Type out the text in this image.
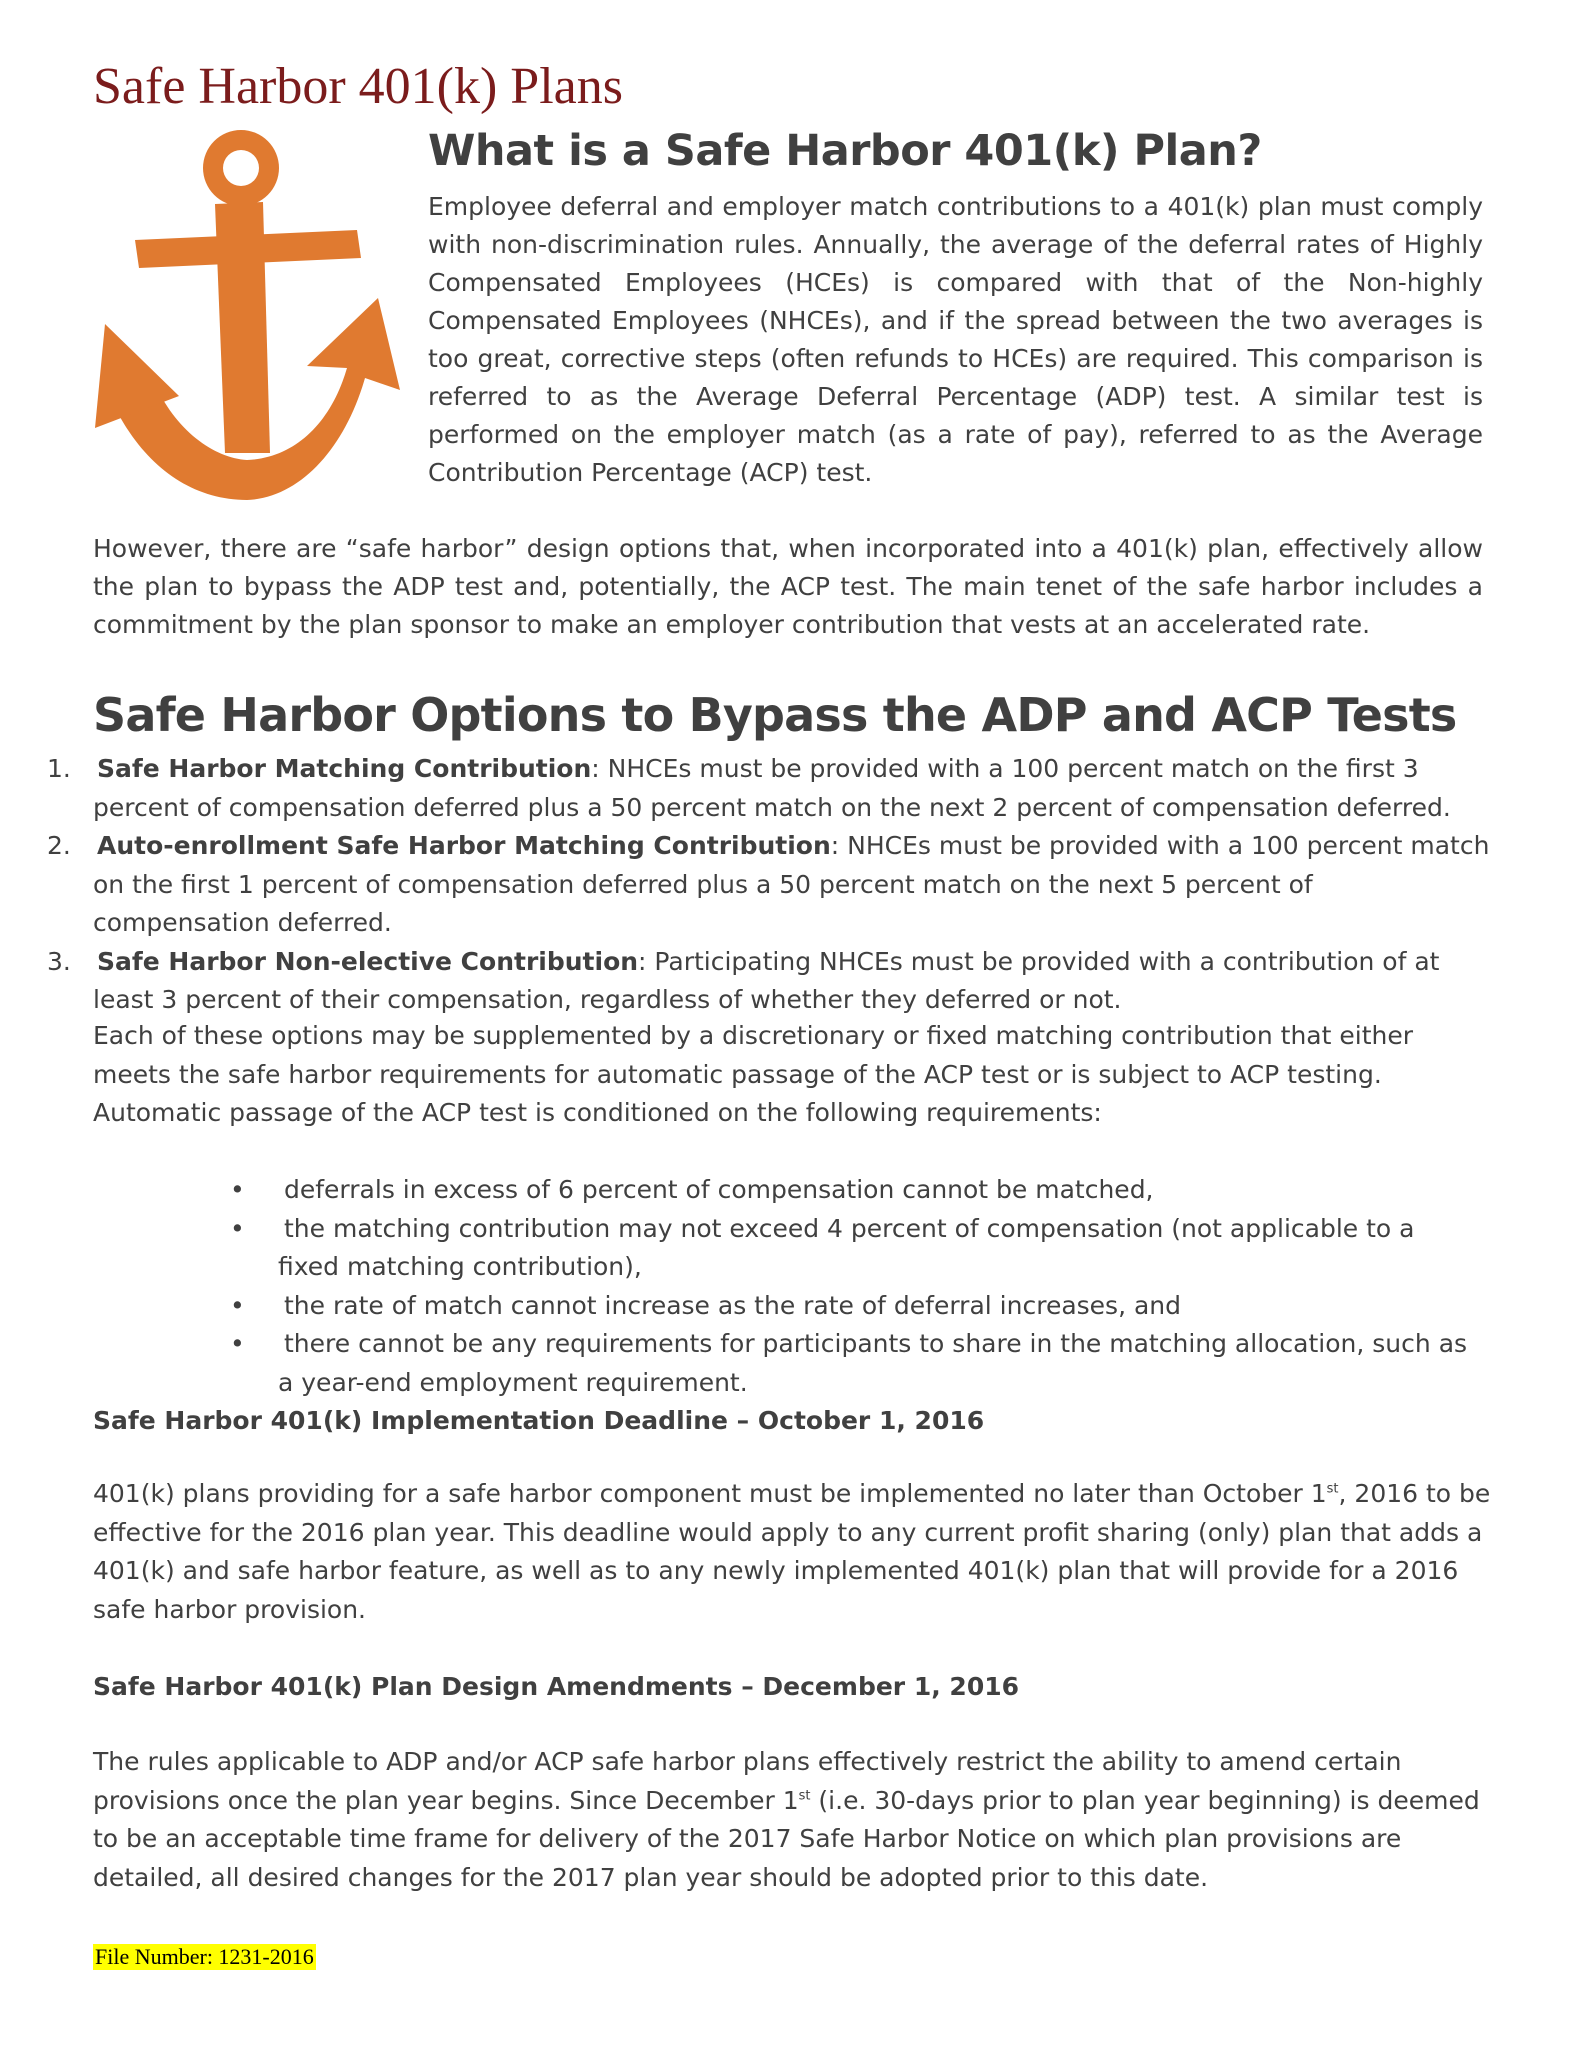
Safe Harbor 401(k) Plans
What is a Safe Harbor 401(k) Plan?

Employee deferral and employer match contributions to a 401(k) plan must comply with non-discrimination rules. Annually, the average of the deferral rates of Highly Compensated Employees (HCEs) is compared with that of the Non-highly Compensated Employees (NHCEs), and if the spread between the two averages is too great, corrective steps (often refunds to HCEs) are required. This comparison is referred to as the Average Deferral Percentage (ADP) test. A similar test is performed on the employer match (as a rate of pay), referred to as the Average Contribution Percentage (ACP) test.

However, there are “safe harbor” design options that, when incorporated into a 401(k) plan, effectively allow the plan to bypass the ADP test and, potentially, the ACP test. The main tenet of the safe harbor includes a commitment by the plan sponsor to make an employer contribution that vests at an accelerated rate.

Safe Harbor Options to Bypass the ADP and ACP Tests
1. Safe Harbor Matching Contribution: NHCEs must be provided with a 100 percent match on the first 3 percent of compensation deferred plus a 50 percent match on the next 2 percent of compensation deferred.
2. Auto-enrollment Safe Harbor Matching Contribution: NHCEs must be provided with a 100 percent match on the first 1 percent of compensation deferred plus a 50 percent match on the next 5 percent of compensation deferred.
3. Safe Harbor Non-elective Contribution: Participating NHCEs must be provided with a contribution of at least 3 percent of their compensation, regardless of whether they deferred or not.

Each of these options may be supplemented by a discretionary or fixed matching contribution that either meets the safe harbor requirements for automatic passage of the ACP test or is subject to ACP testing. Automatic passage of the ACP test is conditioned on the following requirements:

• deferrals in excess of 6 percent of compensation cannot be matched,
• the matching contribution may not exceed 4 percent of compensation (not applicable to a fixed matching contribution),
• the rate of match cannot increase as the rate of deferral increases, and
• there cannot be any requirements for participants to share in the matching allocation, such as a year-end employment requirement.
Safe Harbor 401(k) Implementation Deadline – October 1, 2016

401(k) plans providing for a safe harbor component must be implemented no later than October 1st, 2016 to be effective for the 2016 plan year. This deadline would apply to any current profit sharing (only) plan that adds a 401(k) and safe harbor feature, as well as to any newly implemented 401(k) plan that will provide for a 2016 safe harbor provision.

Safe Harbor 401(k) Plan Design Amendments – December 1, 2016

The rules applicable to ADP and/or ACP safe harbor plans effectively restrict the ability to amend certain provisions once the plan year begins. Since December 1st (i.e. 30-days prior to plan year beginning) is deemed to be an acceptable time frame for delivery of the 2017 Safe Harbor Notice on which plan provisions are detailed, all desired changes for the 2017 plan year should be adopted prior to this date.

File Number: 1231-2016
